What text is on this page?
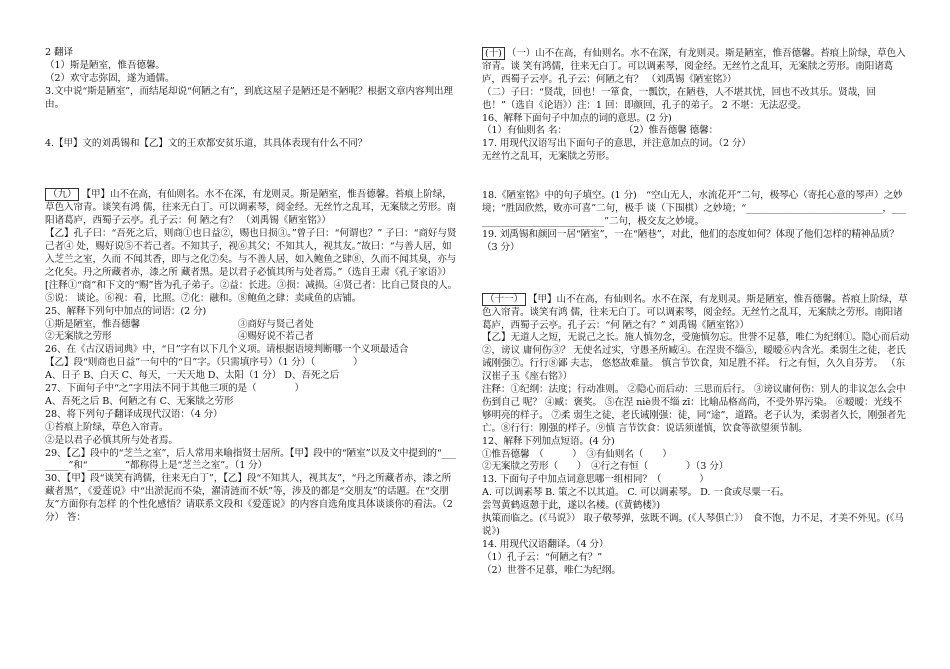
2 翻译

（1）斯是陋室，惟吾德馨。

（2）欢守志弥固，遂为通儒。

3.文中说“斯是陋室”，而结尾却说“何陋之有”，到底这屋子是陋还是不陋呢？根据文章内容判出理由。

4.【甲】文的刘禹锡和【乙】文的王欢都安贫乐道，其具体表现有什么不同？

（九） 【甲】山不在高，有仙则名。水不在深，有龙则灵。斯是陋室，惟吾德馨。苔痕上阶绿，草色入帘青。谈笑有鸿 儒，往来无白丁。可以调素琴，阅金经。无丝竹之乱耳，无案牍之劳形。南阳诸葛庐，西蜀子云亭。孔子云：何 陋之有？ （刘禹锡《陋室铭》）

【乙】孔子曰：“吾死之后，则商①也日益②，赐也日损③。”曾子曰：“何谓也？” 子曰：“商好与贤己者④ 处，赐好说⑤不若己者。不知其子，视⑥其父；不知其人，视其友。”故曰：“与善人居，如入芝兰之室，久而 不闻其香，即与之化⑦矣。与不善人居，如入鲍鱼之肆⑧，久而不闻其臭，亦与之化矣。丹之所藏者赤，漆之所 藏者黑。是以君子必慎其所与处者焉。”（选自王肃《孔子家语》）

[注释①“商”和下文的“赐”皆为孔子弟子。②益：长进。③损：减损。④贤己者：比自己贤良的人。⑤说： 谈论。⑥视：看，比照。⑦化：融和。⑧鲍鱼之肆：卖咸鱼的店铺。

25、解释下列句中加点的词语：(2 分)

①斯是陋室，惟吾德馨 　　　　　　　　　　③商好与贤己者处

②无案牍之劳形 　　　　　　　　　　　　　④赐好说不若己者

26、在《古汉语词典》中，“日”字有以下几个义项。请根据语境判断哪一个义项最适合

【乙】段“则商也日益”一句中的“日”字。（只需填序号）（1 分）（　　　　）

A、日子 B、白天 C、每天，一天天地 D、太阳（1 分） D、吾死之后

27、下面句子中“之”字用法不同于其他三项的是（　　　　）

A、吾死之后 B、何陋之有 C、无案牍之劳形

28、将下列句子翻译成现代汉语：（4 分）

①苔痕上阶绿，草色入帘青。

②是以君子必慎其所与处者焉。

29、【乙】段中的“芝兰之室”，后人常用来喻指贤士居所。【甲】段中的“陋室”以及文中提到的“________”和“________”都称得上是“芝兰之室”。（1 分）

30、【甲】段“谈笑有鸿儒，往来无白丁”，【乙】段“不知其人，视其友”，“丹之所藏者赤，漆之所藏者黑”，《爱莲说》中“出淤泥而不染，濯清涟而不妖”等，涉及的都是“交朋友”的话题。在“交朋友”方面你有怎样 的个性化感悟？请联系文段和《爱莲说》的内容自选角度具体谈谈你的看法。（2 分） 答：

(十) （一）山不在高，有仙则名。水不在深，有龙则灵。斯是陋室，惟吾德馨。苔痕上阶绿，草色入帘青。谈 笑有鸿儒，往来无白丁。可以调素琴，阅金经。无丝竹之乱耳，无案牍之劳形。南阳诸葛庐，西蜀子云亭。孔子云：何陋之有？ （刘禹锡《陋室铭》）

（二）子曰：“贤哉，回也！一箪食，一瓢饮，在陋巷，人不堪其忧，回也不改其乐。贤哉，回也！”（选自《论语》）注：1 回：即颜回，孔子的弟子。 2 不堪：无法忍受。

16、解释下面句子中加点的词的意思。(2 分)

（1）有仙则名 名：　　　　　　　（2）惟吾德馨 德馨：

17. 用现代汉语写出下面句子的意思，并注意加点的词。（2 分）

无丝竹之乱耳，无案牍之劳形。

18.《陋室铭》中的句子填空。(1 分)　“空山无人，水流花开”二句，极琴心（寄托心意的琴声）之妙境；“胜固欣然，败亦可喜”二句，极手 谈（下围棋）之妙境；“_____________________________，_____________________________”二句，极交友之妙境。

19. 刘禹锡和颜回一居“陋室”，一在“陋巷”，对此，他们的态度如何？体现了他们怎样的精神品质？ （3 分）

（十一） 【甲】山不在高，有仙则名。水不在深，有龙则灵。斯是陋室，惟吾德馨。苔痕上阶绿，草色入帘青。谈笑有鸿 儒，往来无白丁。可以调素琴，阅金经。无丝竹之乱耳，无案牍之劳形。南阳诸葛庐，西蜀子云亭。孔子云：“何 陋之有？” 刘禹锡《陋室铭》）

【乙】无道人之短，无说己之长。施人慎勿念，受施慎勿忘。世誉不足慕，唯仁为纪纲①。隐心而后动②，谤议 庸何伤③？ 无使名过实，守愚圣所臧④。在涅贵不缁⑤，暧暧⑥内含光。柔弱生之徒，老氏诫刚强⑦。行行⑧鄙 夫志， 悠悠故难量。 慎言节饮食，知足胜不祥。 行之有恒，久久自芬芳。 （东汉崔子玉《座右铭》）

注释：①纪纲：法度；行动准则。 ②隐心而后动：三思而后行。 ③谤议庸何伤：别人的非议怎么会中伤到自己 呢？ ④臧：褒奖。 ⑤在涅 niè贵不缁 zī：比喻品格高尚，不受外界污染。 ⑥暧暧：光线不够明亮的样子。 ⑦柔 弱生之徒，老氏诫刚强：徒，同“途”，道路。老子认为，柔弱者久长，刚强者先亡。⑧行行：刚强的样子。⑨慎 言节饮食：说话须谨慎，饮食等欲望须节制。

12、解释下列加点短语。(4 分)

①惟吾德馨　（　　　）　③有仙则名（　　）

②无案牍之劳形（　　）　④行之有恒（　　　　）（3 分）

13. 下面句子中加点词意思哪一组相同？（　　　　）

A. 可以调素琴 B. 策之不以其道。 C. 可以调素琴。 D. 一食或尽粟一石。

尝驾黄鹤返憩于此，遂以名楼。(《黄鹤楼》)

执策而临之。(《马说》） 取子敬琴弹，弦既不调。(《人琴俱亡》）　食不饱，力不足，才美不外见。(《马说》)

14. 用现代汉语翻译。（4 分）

（1）孔子云：“何陋之有？”

（2）世誉不足慕，唯仁为纪纲。
